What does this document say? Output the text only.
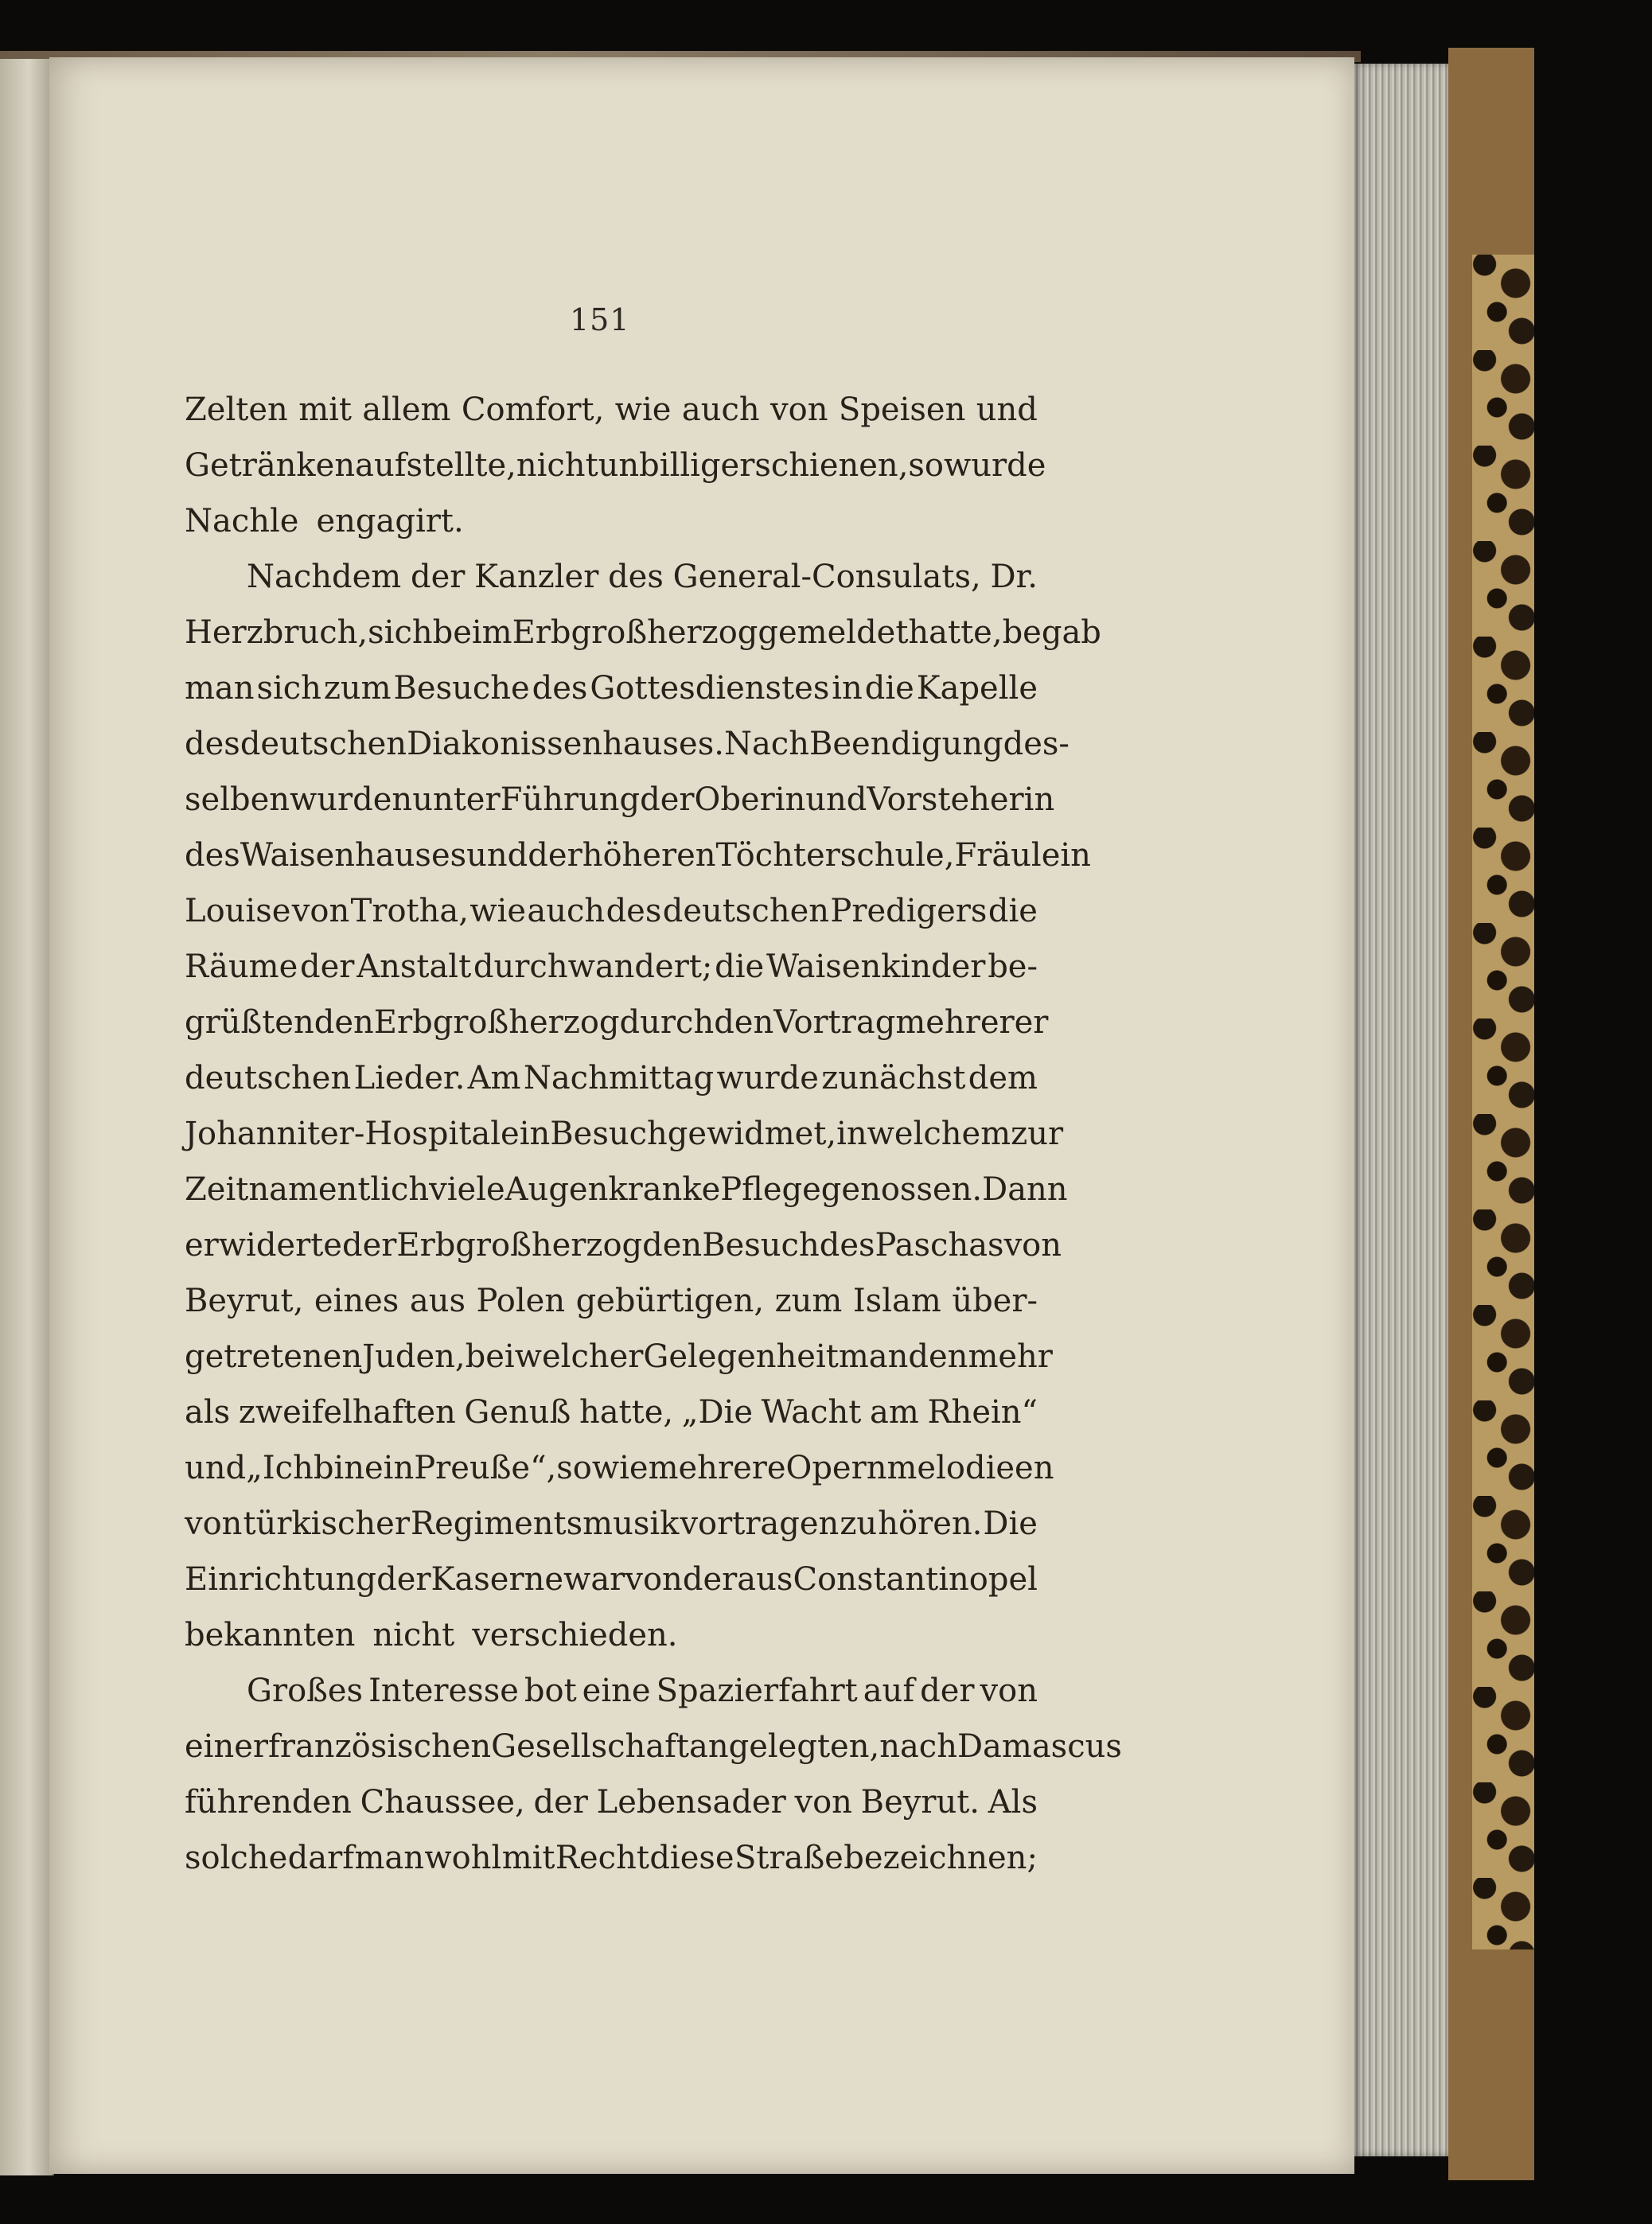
151
Zelten mit allem Comfort, wie auch von Speisen und
Getränken aufstellte, nicht unbillig erschienen, so wurde
Nachle engagirt.
Nachdem der Kanzler des General-Consulats, Dr.
Herzbruch, sich beim Erbgroßherzog gemeldet hatte, begab
man sich zum Besuche des Gottesdienstes in die Kapelle
des deutschen Diakonissenhauses. Nach Beendigung des-
selben wurden unter Führung der Oberin und Vorsteherin
des Waisenhauses und der höheren Töchterschule, Fräulein
Louise von Trotha, wie auch des deutschen Predigers die
Räume der Anstalt durchwandert; die Waisenkinder be-
grüßten den Erbgroßherzog durch den Vortrag mehrerer
deutschen Lieder. Am Nachmittag wurde zunächst dem
Johanniter-Hospital ein Besuch gewidmet, in welchem zur
Zeit namentlich viele Augenkranke Pflege genossen. Dann
erwiderte der Erbgroßherzog den Besuch des Paschas von
Beyrut, eines aus Polen gebürtigen, zum Islam über-
getretenen Juden, bei welcher Gelegenheit man den mehr
als zweifelhaften Genuß hatte, „Die Wacht am Rhein“
und „Ich bin ein Preuße“, sowie mehrere Opernmelodieen
von türkischer Regimentsmusik vortragen zu hören. Die
Einrichtung der Kaserne war von der aus Constantinopel
bekannten nicht verschieden.
Großes Interesse bot eine Spazierfahrt auf der von
einer französischen Gesellschaft angelegten, nach Damascus
führenden Chaussee, der Lebensader von Beyrut. Als
solche darf man wohl mit Recht diese Straße bezeichnen;
